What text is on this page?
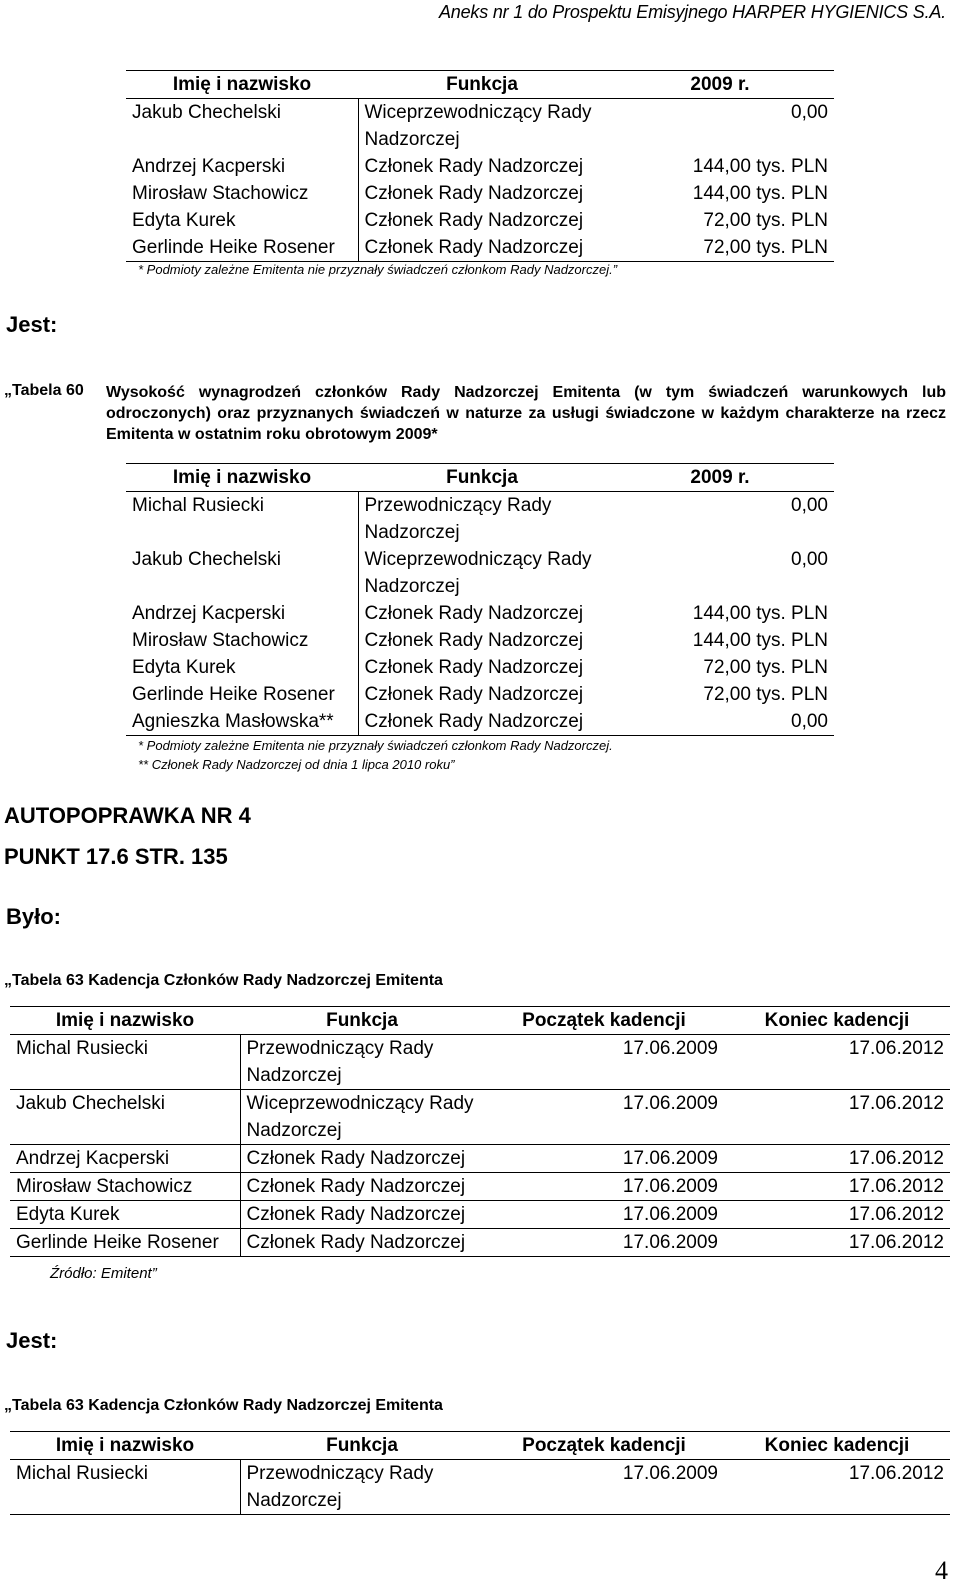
Aneks nr 1 do Prospektu Emisyjnego HARPER HYGIENICS S.A.
Imię i nazwisko	Funkcja	2009 r.
Jakub Chechelski	Wiceprzewodniczący Rady Nadzorczej	0,00
Andrzej Kacperski	Członek Rady Nadzorczej	144,00 tys. PLN
Mirosław Stachowicz	Członek Rady Nadzorczej	144,00 tys. PLN
Edyta Kurek	Członek Rady Nadzorczej	72,00 tys. PLN
Gerlinde Heike Rosener	Członek Rady Nadzorczej	72,00 tys. PLN
* Podmioty zależne Emitenta nie przyznały świadczeń członkom Rady Nadzorczej.”
Jest:
„Tabela 60 Wysokość wynagrodzeń członków Rady Nadzorczej Emitenta (w tym świadczeń warunkowych lub odroczonych) oraz przyznanych świadczeń w naturze za usługi świadczone w każdym charakterze na rzecz Emitenta w ostatnim roku obrotowym 2009*
Imię i nazwisko	Funkcja	2009 r.
Michal Rusiecki	Przewodniczący Rady Nadzorczej	0,00
Jakub Chechelski	Wiceprzewodniczący Rady Nadzorczej	0,00
Andrzej Kacperski	Członek Rady Nadzorczej	144,00 tys. PLN
Mirosław Stachowicz	Członek Rady Nadzorczej	144,00 tys. PLN
Edyta Kurek	Członek Rady Nadzorczej	72,00 tys. PLN
Gerlinde Heike Rosener	Członek Rady Nadzorczej	72,00 tys. PLN
Agnieszka Masłowska**	Członek Rady Nadzorczej	0,00
* Podmioty zależne Emitenta nie przyznały świadczeń członkom Rady Nadzorczej.
** Członek Rady Nadzorczej od dnia 1 lipca 2010 roku”
AUTOPOPRAWKA NR 4
PUNKT 17.6 STR. 135
Było:
„Tabela 63 Kadencja Członków Rady Nadzorczej Emitenta
Imię i nazwisko	Funkcja	Początek kadencji	Koniec kadencji
Michal Rusiecki	Przewodniczący Rady Nadzorczej	17.06.2009	17.06.2012
Jakub Chechelski	Wiceprzewodniczący Rady Nadzorczej	17.06.2009	17.06.2012
Andrzej Kacperski	Członek Rady Nadzorczej	17.06.2009	17.06.2012
Mirosław Stachowicz	Członek Rady Nadzorczej	17.06.2009	17.06.2012
Edyta Kurek	Członek Rady Nadzorczej	17.06.2009	17.06.2012
Gerlinde Heike Rosener	Członek Rady Nadzorczej	17.06.2009	17.06.2012
Źródło: Emitent”
Jest:
„Tabela 63 Kadencja Członków Rady Nadzorczej Emitenta
Imię i nazwisko	Funkcja	Początek kadencji	Koniec kadencji
Michal Rusiecki	Przewodniczący Rady Nadzorczej	17.06.2009	17.06.2012
4
